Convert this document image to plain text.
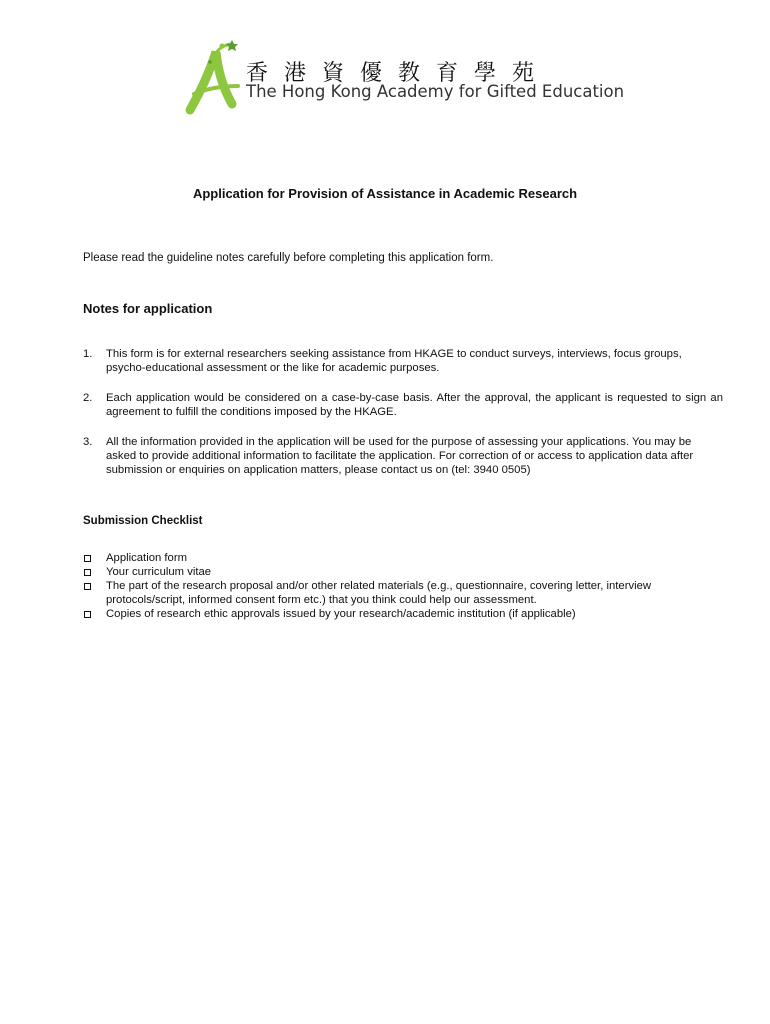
香港資優教育學苑
The Hong Kong Academy for Gifted Education
Application for Provision of Assistance in Academic Research
Please read the guideline notes carefully before completing this application form.
Notes for application
1. This form is for external researchers seeking assistance from HKAGE to conduct surveys, interviews, focus groups, psycho-educational assessment or the like for academic purposes.
2. Each application would be considered on a case-by-case basis. After the approval, the applicant is requested to sign an agreement to fulfill the conditions imposed by the HKAGE.
3. All the information provided in the application will be used for the purpose of assessing your applications. You may be asked to provide additional information to facilitate the application. For correction of or access to application data after submission or enquiries on application matters, please contact us on (tel: 3940 0505)
Submission Checklist
Application form
Your curriculum vitae
The part of the research proposal and/or other related materials (e.g., questionnaire, covering letter, interview protocols/script, informed consent form etc.) that you think could help our assessment.
Copies of research ethic approvals issued by your research/academic institution (if applicable)
